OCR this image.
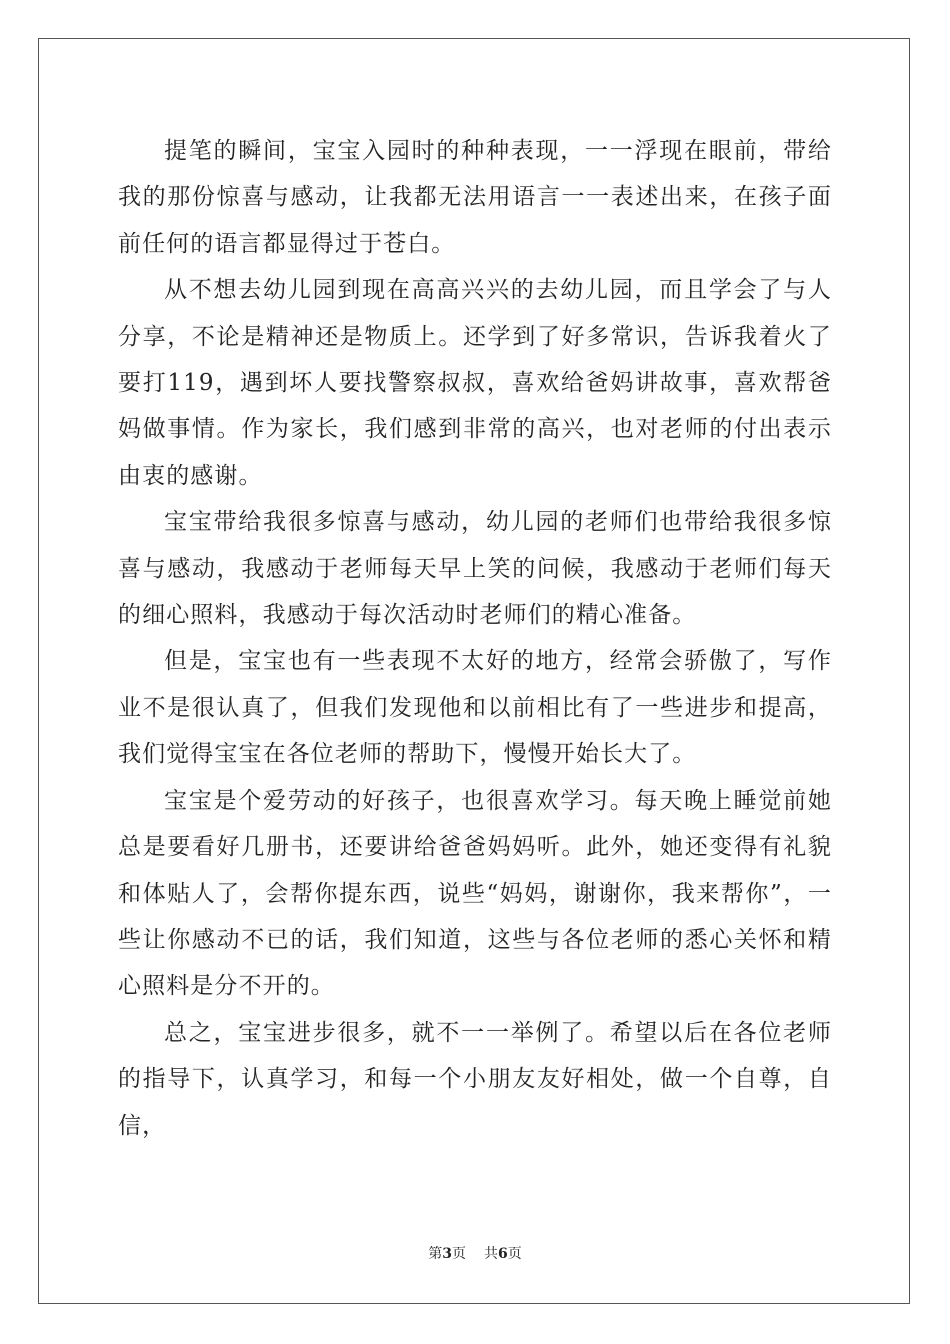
提笔的瞬间，宝宝入园时的种种表现，一一浮现在眼前，带给我的那份惊喜与感动，让我都无法用语言一一表述出来，在孩子面前任何的语言都显得过于苍白。

从不想去幼儿园到现在高高兴兴的去幼儿园，而且学会了与人分享，不论是精神还是物质上。还学到了好多常识，告诉我着火了要打119，遇到坏人要找警察叔叔，喜欢给爸妈讲故事，喜欢帮爸妈做事情。作为家长，我们感到非常的高兴，也对老师的付出表示由衷的感谢。

宝宝带给我很多惊喜与感动，幼儿园的老师们也带给我很多惊喜与感动，我感动于老师每天早上笑的问候，我感动于老师们每天的细心照料，我感动于每次活动时老师们的精心准备。

但是，宝宝也有一些表现不太好的地方，经常会骄傲了，写作业不是很认真了，但我们发现他和以前相比有了一些进步和提高，我们觉得宝宝在各位老师的帮助下，慢慢开始长大了。

宝宝是个爱劳动的好孩子，也很喜欢学习。每天晚上睡觉前她总是要看好几册书，还要讲给爸爸妈妈听。此外，她还变得有礼貌和体贴人了，会帮你提东西，说些“妈妈，谢谢你，我来帮你”，一些让你感动不已的话，我们知道，这些与各位老师的悉心关怀和精心照料是分不开的。

总之，宝宝进步很多，就不一一举例了。希望以后在各位老师的指导下，认真学习，和每一个小朋友友好相处，做一个自尊，自信，

第3页 共6页
